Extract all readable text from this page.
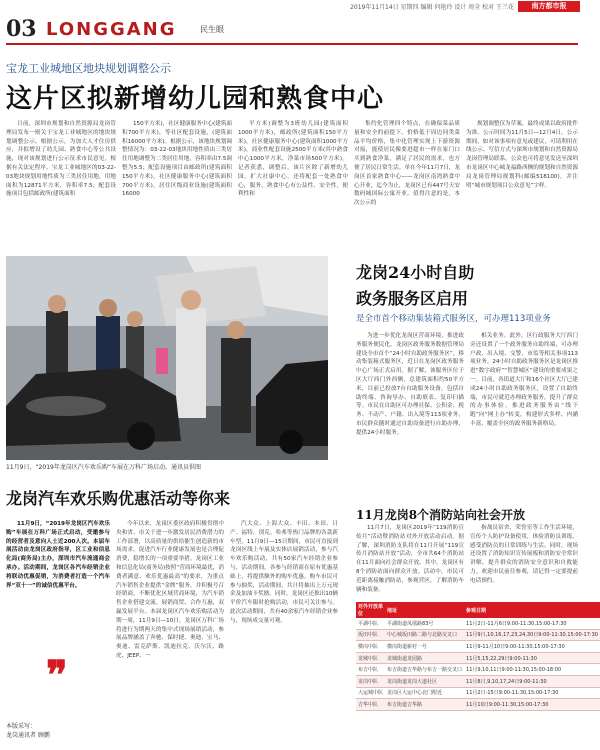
2019年11月14日 星期四 编辑 何艳玲 设计 周全 校对 王兰花	南方都市报
03 LONGGANG	民生眼
宝龙工业城地区地块规划调整公示
这片区拟新增幼儿园和熟食中心

日前，深圳市规划和自然资源局龙岗管理局发布一则关于宝龙工业城地区的地块规划调整公示，根据公示，为加大人才住房供应，并拟增设了幼儿园、熟食中心等公共设施，现对该规划进行公示征求市民意见。根据有关法定程序，宝龙工业城地区的03-22-03地块规划用地性质为三类居住用地，用地面积为12871平方米，容积率7.5；配套设施项目包括邮政所(建筑面积

150平方米)，社区健康服务中心(建筑面积700平方米)，等社区配套设施，(建筑面积16000平方米)。根据公示，该地块规划调整情况为：03-22-03地块用地性质由三类居住用地调整为二类居住用地，容积率由7.5调整为5.5；配套设施项目由邮政所(建筑面积150平方米)，社区健康服务中心(建筑面积700平方米)，居住区级商业设施(建筑面积16000

平方米)调整为3班幼儿园(建筑面积1000平方米)，邮政所(建筑面积150平方米)，社区健康服务中心(建筑面积1000平方米)，商业性配套设施2500平方米(其中熟食中心1000平方米，净菜市场500平方米)。记者获悉，调整后，该片区除了新增幼儿园，扩大社康中心，还将配套一处熟食中心，服务、熟食中心有公益性、安全性，便利性和

集约化管理四个特点，在确保菜品质量和安全的前提下，价格低于周边同类菜品平均价格，集中化管理实现上下游资源对接，能使居民像要进超市一样在家门口买到熟食净菜，满足了居民的需求，也方便了居民日常生活。单在今年11月7日，龙岗区首家熟食中心——龙岗区南湾熟食中心开业，迄今为止，龙岗区已有447号天安数码城国际公寓开业。值得注意的是，本次公示的

规划调整仅为草案，最终成果以政府批件为准。公示时间为11月5日—12月4日。公示期间，如对该事项有意见或建议，可请利用在线公示、写信方式与深圳市规划和自然资源局龙岗管理局联系。公众也可将意见发送至深圳市龙岗区中心城龙福路西侧的规划和自然资源局龙岗管理局规划科(邮编518100)，并注明“城市规划项目公众意见”字样。

11月9日，“2019年龙岗区汽车欢乐购”车展在万科广场启动。通讯员供图
龙岗24小时自助
政务服务区启用
是全市首个移动集装箱式服务区，可办理113项业务

为进一步优化龙岗区营商环境，推进政务服务便民化，龙岗区政务服务数据管理局建设全市首个“24小时自助政务服务区”，移动集装箱式服务区，近日在龙岗区政务服务中心广场正式启用。据了解，该服务区位于区大厅西门外西侧，总建筑面积约50平方米，目前已投放7台自助服务设备，包括自助终端、咨询导办、自助填表、复印扫描等。市民在自助区可办理社保、公积金、税务、不动产、户籍、出入境等113项业务，市民群众随时通过自助设备进行自助办理，提供24小时服务。

相关业务。此外，区行政服务大厅西门旁还设置了一个政务服务自助终端，可办理户政、出入境、交警、市监等相关事项113项业务。24小时自助政务服务区是龙岗区推进“数字政府”“智慧城区”建设的重要成果之一。目前，各街道大厅和16个社区大厅已建成24小时自助政务服务区，设置了自助终端，市民可就近办理政务服务，提升了群众的办事体验，推进政务服务由“线下跑”向“网上办”转变，构建形式多样、内涵丰富、覆盖全区的政务服务新格局。

龙岗汽车欢乐购优惠活动等你来

11月9日，“2019年龙岗区汽车欢乐购”车展在万科广场正式启动，受邀参与的经营者及意向人士近200人次。本届车展活动由龙岗区政府指导，区工业和信息化局(商务局)主办，深圳市汽车流通商会承办。活动期间，龙岗区各汽车经销企业将联动优惠促销，为消费者打造一个汽车界“双十一”的诚信优惠平台。

❞
本版采写：
龙岗通讯者 顾鹏

今年以来，龙岗区委区政府积极贯彻中央和省、市关于进一步激发居民消费潜力的工作部署，以高质量的供给催生创造新的市场需求，促进汽车行业健康发展也是合理促消费，稳增长的一项重要举措。龙岗区工业和信息化局(商务局)按照“营商环境最优，消费者满意、欢乐优惠最高”的要求，为重点汽车销售企业提供“金牌”服务，并积极号召经销商，不断优化区域营商环境，为汽车销售企业搭建交流、展销商贸、合作互惠，双赢发展平台。本届龙岗区汽车欢乐购活动为期一周，11月9日—10日，龙岗区万科广场将进行为期两天的集中式现场展销活动，参展品牌涵盖了奔驰、保时捷、奥迪、宝马、奥迪、雷克萨斯、凯迪拉克、沃尔沃、路虎、JEEP、一

汽大众、上海大众、丰田、本田、日产、福特、别克、哈弗等热门品牌的各款新车型。11月9日—15日期间，市民可直接到龙岗区线上车展及实体店展销活动，参与汽车欢乐购活动，共有50家汽车经销企业参与，活动期间，各参与经销商在原有优惠基础上，将提供额外的购车优惠。购车市民可参与抽奖，活动期间，共计将抽出上万元现金及加油卡奖励，同时，龙岗区还推出10辆平价汽车限时抢购活动，市民可关注参与。此次活动期间，共有40余家汽车经销企业参与，现场成交量可观。

11月龙岗8个消防站向社会开放

11月7日，龙岗区2019年“119消防宣传月”活动暨消防站对外开放活动启动。据了解，深圳消防支队将在11月开展“119宣传月消防站开放”活动，全市共64个消防站在11月面向社会群众开放。其中，龙岗区有8个消防站面向群众开放。活动中，市民可近距离接触消防站，参观营区，了解消防车辆和装备。

指战员宿舍、荣誉室等工作生活环境，宣传个人防护设备使用，体验消防员训练，感受消防员的日常训练与生活。同时，现场还设置了消防知识宣传展板和消防安全常识讲解，提升群众的消防安全意识和自救能力。欢迎市民前往参观，请记得一定要提前电话预约。

对外开放单位	地址	参观日期
平湖中队	平湖街道凤凰路83号	11月2日-11月6日9:00-11:30,15:00-17:30
坂田中队	中心城坂田路二路与北路交叉口	11月9日,10,16,17,23,24,30日9:00-11:30,15:00-17:30
横岗中队	横岗街道新村一号	11月9-11月10日9:00-11:30,15:00-17:30
龙城中队	龙城街道龙园路	11月5,15,22,29日9:00-11:30
布吉中队	布吉街道吉华路与布吉一路交叉口	11月9,10,11日9:00-11:30,15:00-18:00
龙岗中队	龙岗街道龙岗大道社区	11月8日,9,10,17,24日9:00-11:30
大运城中队	龙岗区大运中心北门附近	11月2日-15日9:00-11:30,15:00-17:30
吉华中队	布吉街道吉华路	11月10日9:00-11:30,15:00-17:30
